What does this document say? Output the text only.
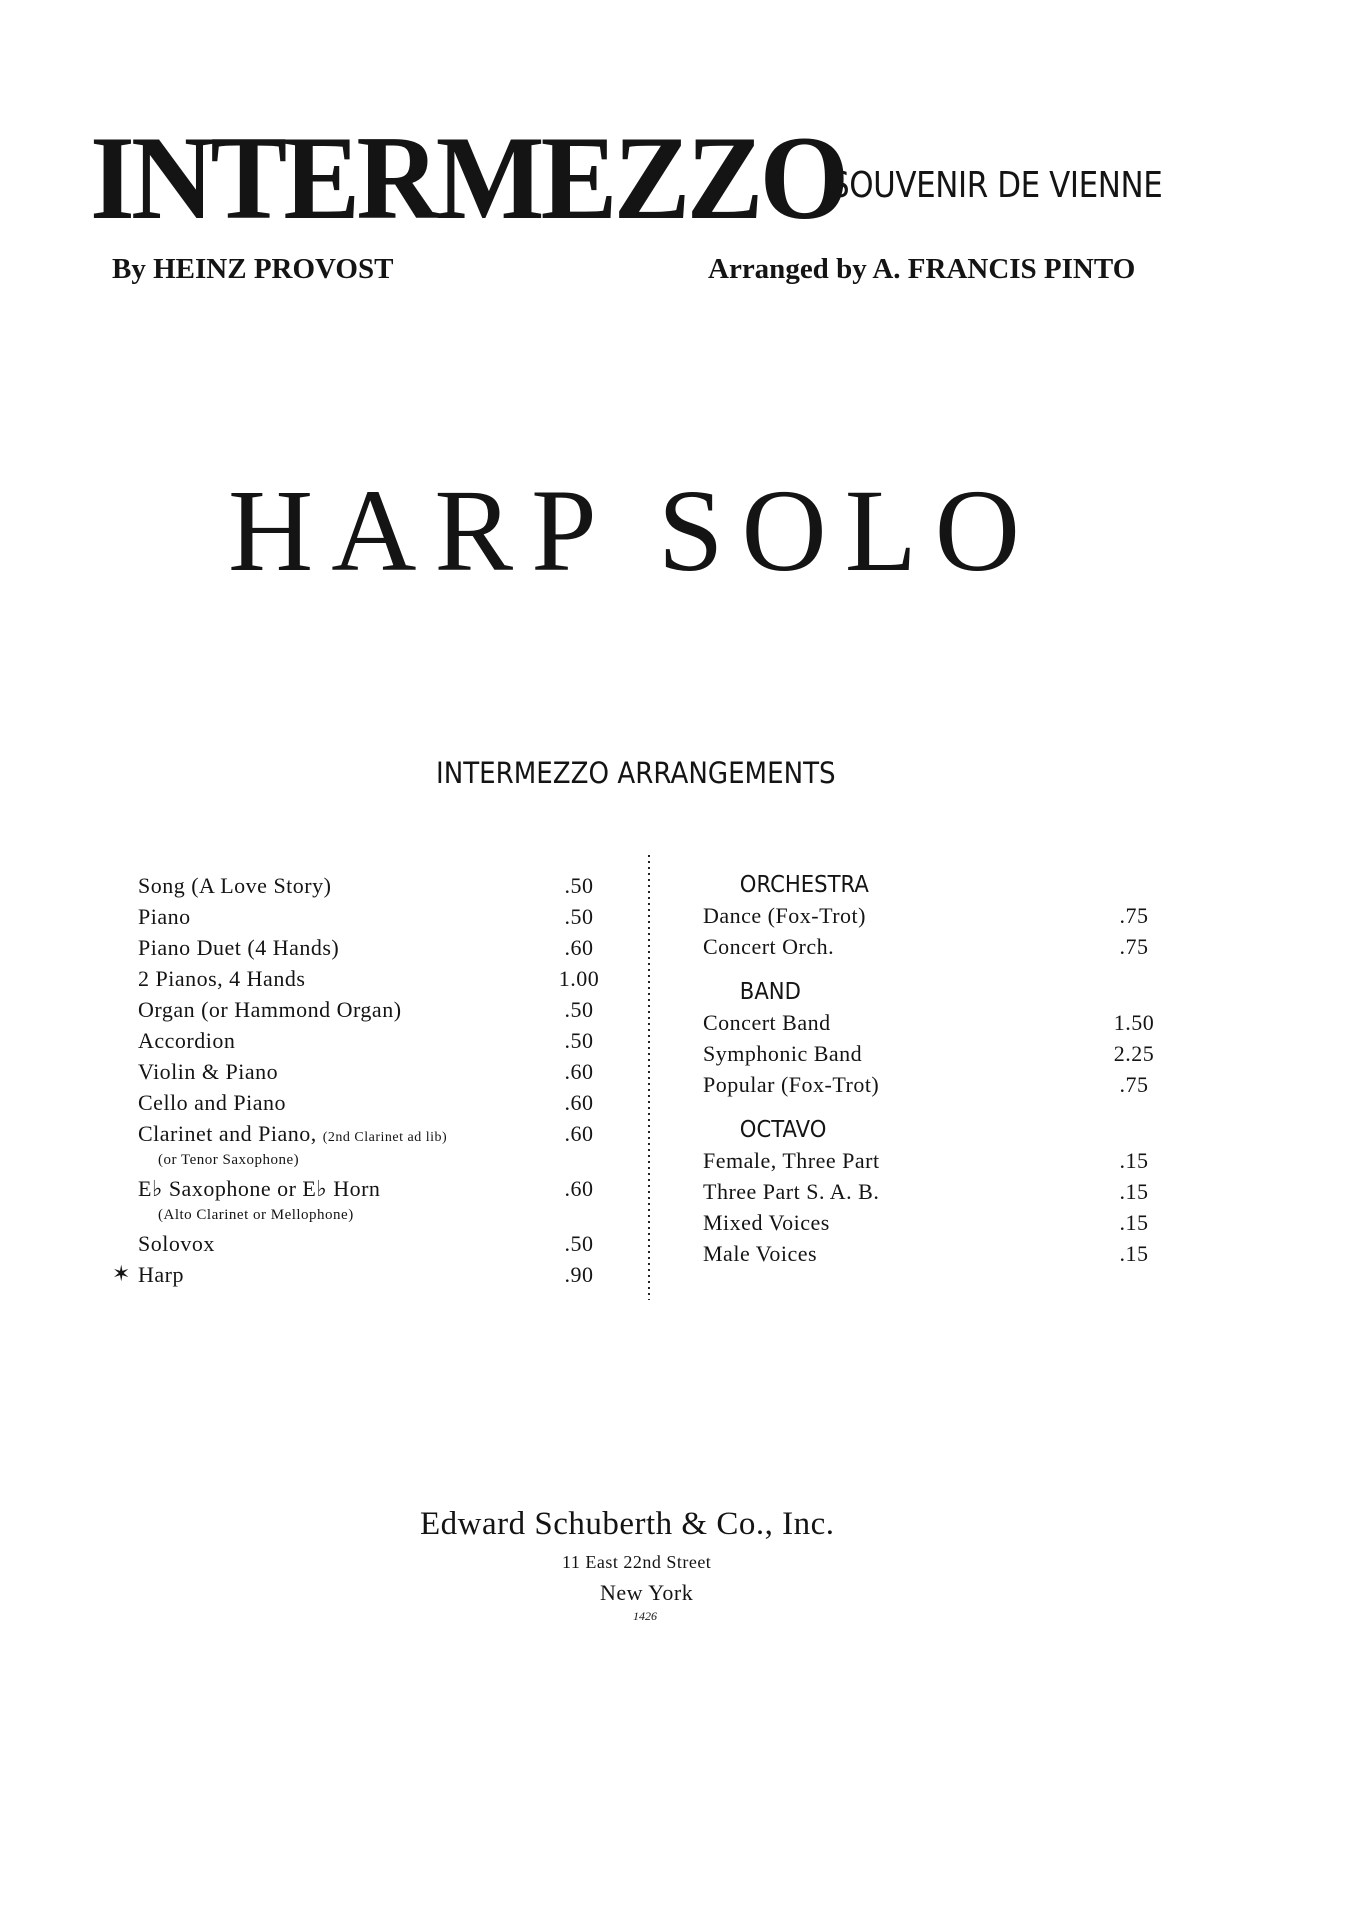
INTERMEZZO
SOUVENIR DE VIENNE
By HEINZ PROVOST	Arranged by A. FRANCIS PINTO
HARP SOLO
INTERMEZZO ARRANGEMENTS
✶
Song (A Love Story)	.50
Piano	.50
Piano Duet (4 Hands)	.60
2 Pianos, 4 Hands	1.00
Organ (or Hammond Organ)	.50
Accordion	.50
Violin & Piano	.60
Cello and Piano	.60
Clarinet and Piano, (2nd Clarinet ad lib)	.60
(or Tenor Saxophone)
E♭ Saxophone or E♭ Horn	.60
(Alto Clarinet or Mellophone)
Solovox	.50
Harp	.90
ORCHESTRA
Dance (Fox-Trot)	.75
Concert Orch.	.75
BAND
Concert Band	1.50
Symphonic Band	2.25
Popular (Fox-Trot)	.75
OCTAVO
Female, Three Part	.15
Three Part S. A. B.	.15
Mixed Voices	.15
Male Voices	.15
Edward Schuberth & Co., Inc.
11 East 22nd Street
New York
1426
